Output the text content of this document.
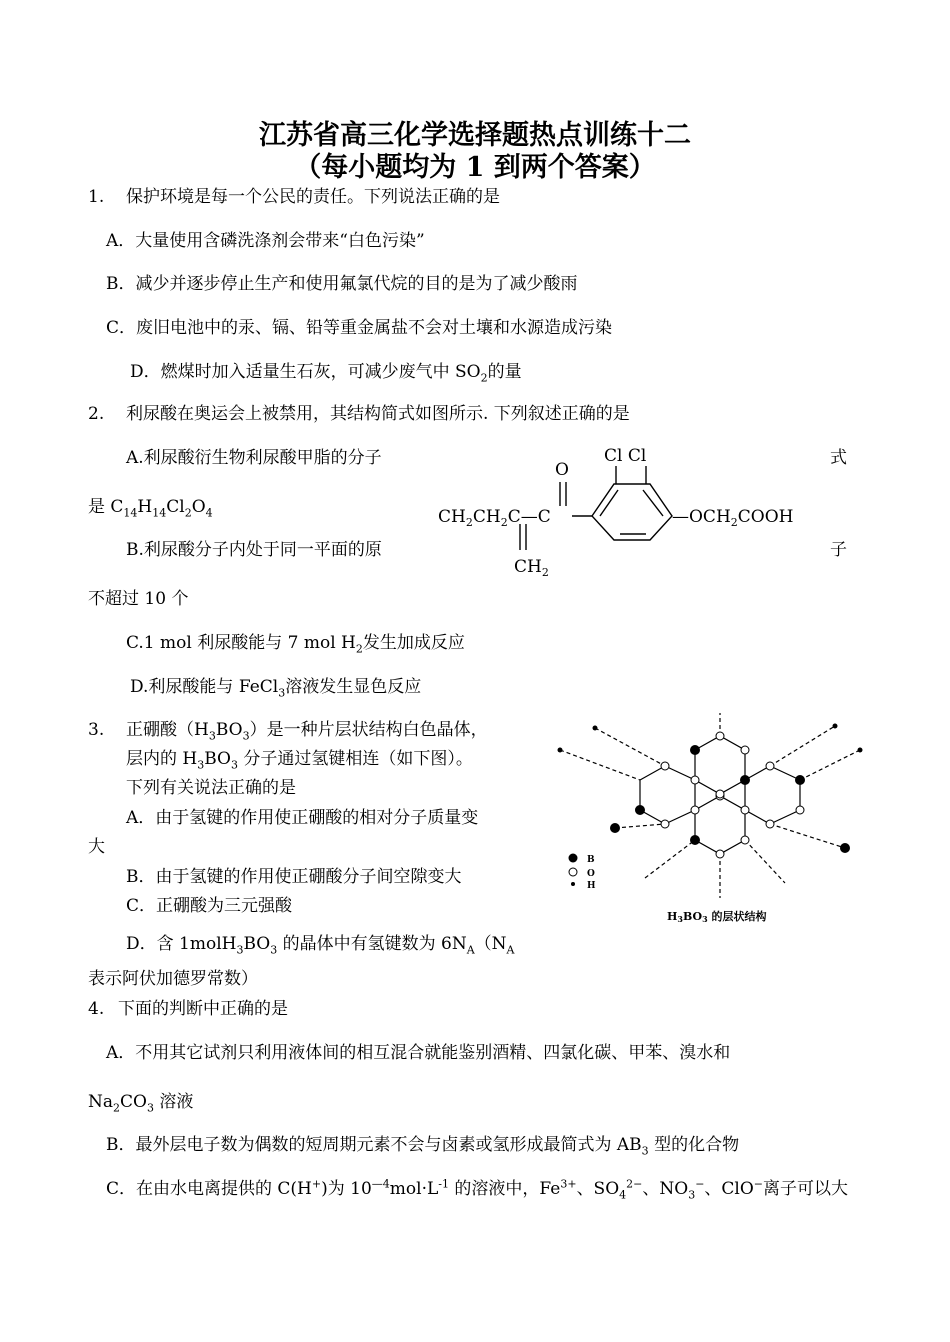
江苏省高三化学选择题热点训练十二
（每小题均为 1 到两个答案）
1. 保护环境是每一个公民的责任。下列说法正确的是
A．大量使用含磷洗涤剂会带来“白色污染”
B．减少并逐步停止生产和使用氟氯代烷的目的是为了减少酸雨
C．废旧电池中的汞、镉、铅等重金属盐不会对土壤和水源造成污染
D．燃煤时加入适量生石灰，可减少废气中 $SO_2$的量
2. 利尿酸在奥运会上被禁用，其结构简式如图所示. 下列叙述正确的是
A.利尿酸衍生物利尿酸甲脂的分子	式
是 $C_{14}H_{14}Cl_2O_4$
B.利尿酸分子内处于同一平面的原	子
不超过 10 个
C.1 mol 利尿酸能与 7 mol $H_2$发生加成反应
D.利尿酸能与 FeCl$_3$溶液发生显色反应
Cl Cl
O
$CH_2CH_2C—C$
$CH_2$
$—OCH_2COOH$
3. 正硼酸$(H_3BO_3)$是一种片层状结构白色晶体，
层内的 $H_3BO_3$ 分子通过氢键相连（如下图）。
下列有关说法正确的是
A．由于氢键的作用使正硼酸的相对分子质量变
大
B．由于氢键的作用使正硼酸分子间空隙变大
C．正硼酸为三元强酸
D．含 $1molH_3BO_3$ 的晶体中有氢键数为 $6N_A(N_A$
表示阿伏加德罗常数）
B
O
H
H3BO3 的层状结构
4. 下面的判断中正确的是
A．不用其它试剂只利用液体间的相互混合就能鉴别酒精、四氯化碳、甲苯、溴水和
$Na_2CO_3$ 溶液
B．最外层电子数为偶数的短周期元素不会与卤素或氢形成最简式为 $AB_3$ 型的化合物
C．在由水电离提供的 C(H+)为 $10^{—4}mol\cdot L^{-1}$ 的溶液中，$Fe^{3+}$、$SO_4^{2-}$、$NO_3^-$、ClO−离子可以大
